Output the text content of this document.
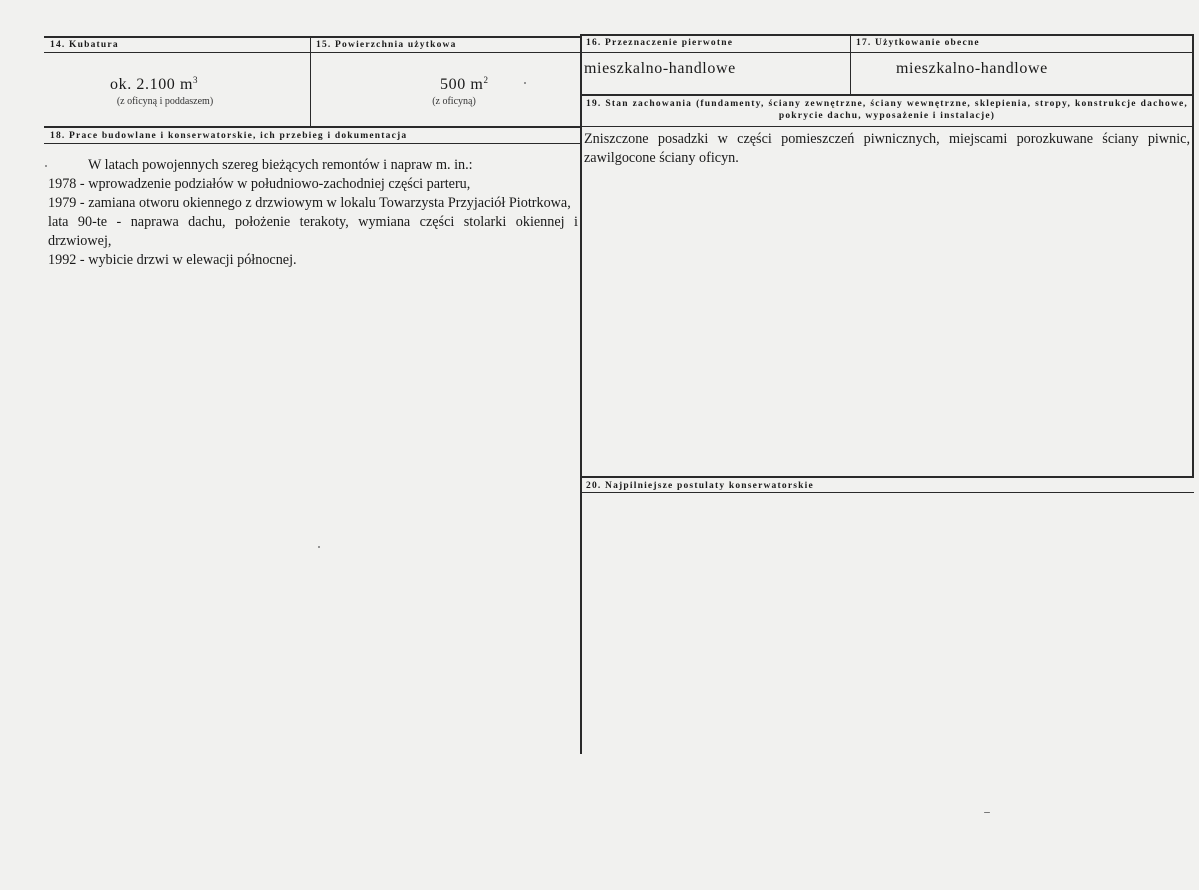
14. Kubatura
ok. 2.100 $m^3$
(z oficyną i poddaszem)
15. Powierzchnia użytkowa
500 $m^2$
(z oficyną)
16. Przeznaczenie pierwotne
mieszkalno-handlowe
17. Użytkowanie obecne
mieszkalno-handlowe
19. Stan zachowania (fundamenty, ściany zewnętrzne, ściany wewnętrzne, sklepienia, stropy, konstrukcje dachowe, pokrycie dachu, wyposażenie i instalacje)
Zniszczone posadzki w części pomieszczeń piwnicznych, miejscami porozkuwane ściany piwnic, zawilgocone ściany oficyn.
18. Prace budowlane i konserwatorskie, ich przebieg i dokumentacja

W latach powojennych szereg bieżących remontów i napraw m. in.:

1978 - wprowadzenie podziałów w południowo-zachodniej części parteru,

1979 - zamiana otworu okiennego z drzwiowym w lokalu Towarzysta Przyjaciół Piotrkowa,

lata 90-te - naprawa dachu, położenie terakoty, wymiana części stolarki okiennej i drzwiowej,

1992 - wybicie drzwi w elewacji północnej.

20. Najpilniejsze postulaty konserwatorskie
